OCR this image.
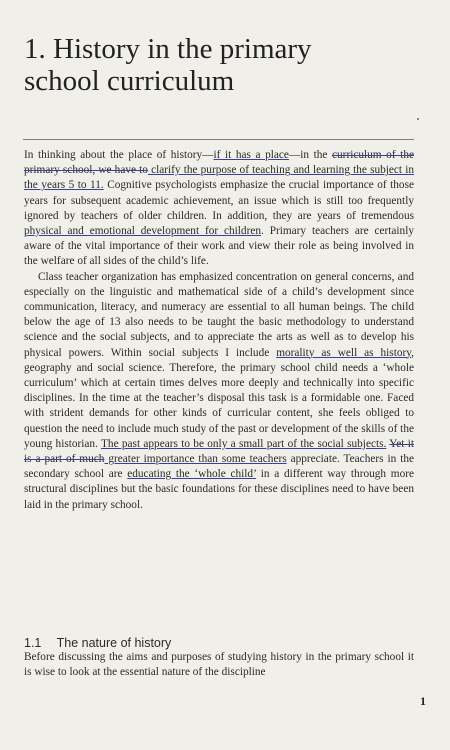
1. History in the primary
school curriculum

In thinking about the place of history—if it has a place—in the curriculum of the primary school, we have to clarify the purpose of teaching and learning the subject in the years 5 to 11. Cognitive psychologists emphasize the crucial importance of those years for subsequent academic achievement, an issue which is still too frequently ignored by teachers of older children. In addition, they are years of tremendous physical and emotional development for children. Primary teachers are certainly aware of the vital importance of their work and view their role as being involved in the welfare of all sides of the child’s life.

Class teacher organization has emphasized concentration on general concerns, and especially on the linguistic and mathematical side of a child’s development since communication, literacy, and numeracy are essential to all human beings. The child below the age of 13 also needs to be taught the basic methodology to understand science and the social subjects, and to appreciate the arts as well as to develop his physical powers. Within social subjects I include morality as well as history, geography and social science. Therefore, the primary school child needs a ‘whole curriculum’ which at certain times delves more deeply and technically into specific disciplines. In the time at the teacher’s disposal this task is a formidable one. Faced with strident demands for other kinds of curricular content, she feels obliged to question the need to include much study of the past or development of the skills of the young historian. The past appears to be only a small part of the social subjects. Yet it is a part of much greater importance than some teachers appreciate. Teachers in the secondary school are educating the ‘whole child’ in a different way through more structural disciplines but the basic foundations for these disciplines need to have been laid in the primary school.

1.1 The nature of history

Before discussing the aims and purposes of studying history in the primary school it is wise to look at the essential nature of the discipline

1
